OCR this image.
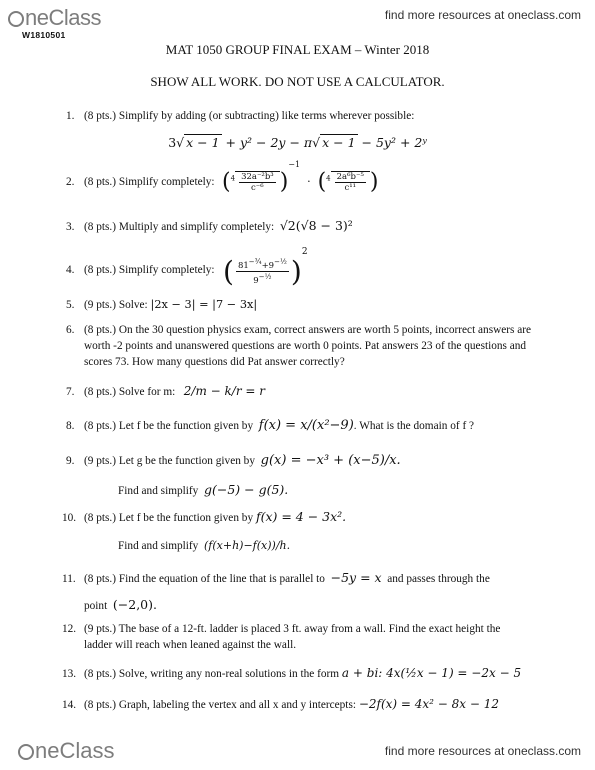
neClass	find more resources at oneclass.com
W1810501
MAT 1050 GROUP FINAL EXAM – Winter 2018
SHOW ALL WORK. DO NOT USE A CALCULATOR.
1. (8 pts.) Simplify by adding (or subtracting) like terms wherever possible:
3√ x − 1 + y² − 2y − π√ x − 1 − 5y² + 2ʸ
2. (8 pts.) Simplify completely: $(^4 \frac{\text{32a⁻²b³}}{\text{c⁻⁶}} )^{-1} \cdot (^4 \frac{\text{2a⁶b⁻⁵}}{\text{c¹¹}}$ )
3. (8 pts.) Multiply and simplify completely: √2(√8 − 3)²
4. (8 pts.) Simplify completely: ( $\frac{81^{-\frac{3}{4}}+9^{-\frac{1}{2}}}{9^{-\frac{1}{2}}} )^2$
5. (9 pts.) Solve: |2x − 3| = |7 − 3x|
6. (8 pts.) On the 30 question physics exam, correct answers are worth 5 points, incorrect answers are
worth -2 points and unanswered questions are worth 0 points. Pat answers 23 of the questions and
scores 73. How many questions did Pat answer correctly?
7. (8 pts.) Solve for m: 2/m − k/r = r
8. (8 pts.) Let f be the function given by f(x) = x/(x²−9). What is the domain of f ?
9. (9 pts.) Let g be the function given by g(x) = −x³ + (x−5)/x.
Find and simplify g(−5) − g(5).
10. (8 pts.) Let f be the function given by f(x) = 4 − 3x².
Find and simplify (f(x+h)−f(x))/h.
11. (8 pts.) Find the equation of the line that is parallel to −5y = x and passes through the
point (−2,0).
12. (9 pts.) The base of a 12-ft. ladder is placed 3 ft. away from a wall. Find the exact height the
ladder will reach when leaned against the wall.
13. (8 pts.) Solve, writing any non-real solutions in the form a + bi: 4x(½x − 1) = −2x − 5
14. (8 pts.) Graph, labeling the vertex and all x and y intercepts: −2f(x) = 4x² − 8x − 12
neClass	find more resources at oneclass.com
